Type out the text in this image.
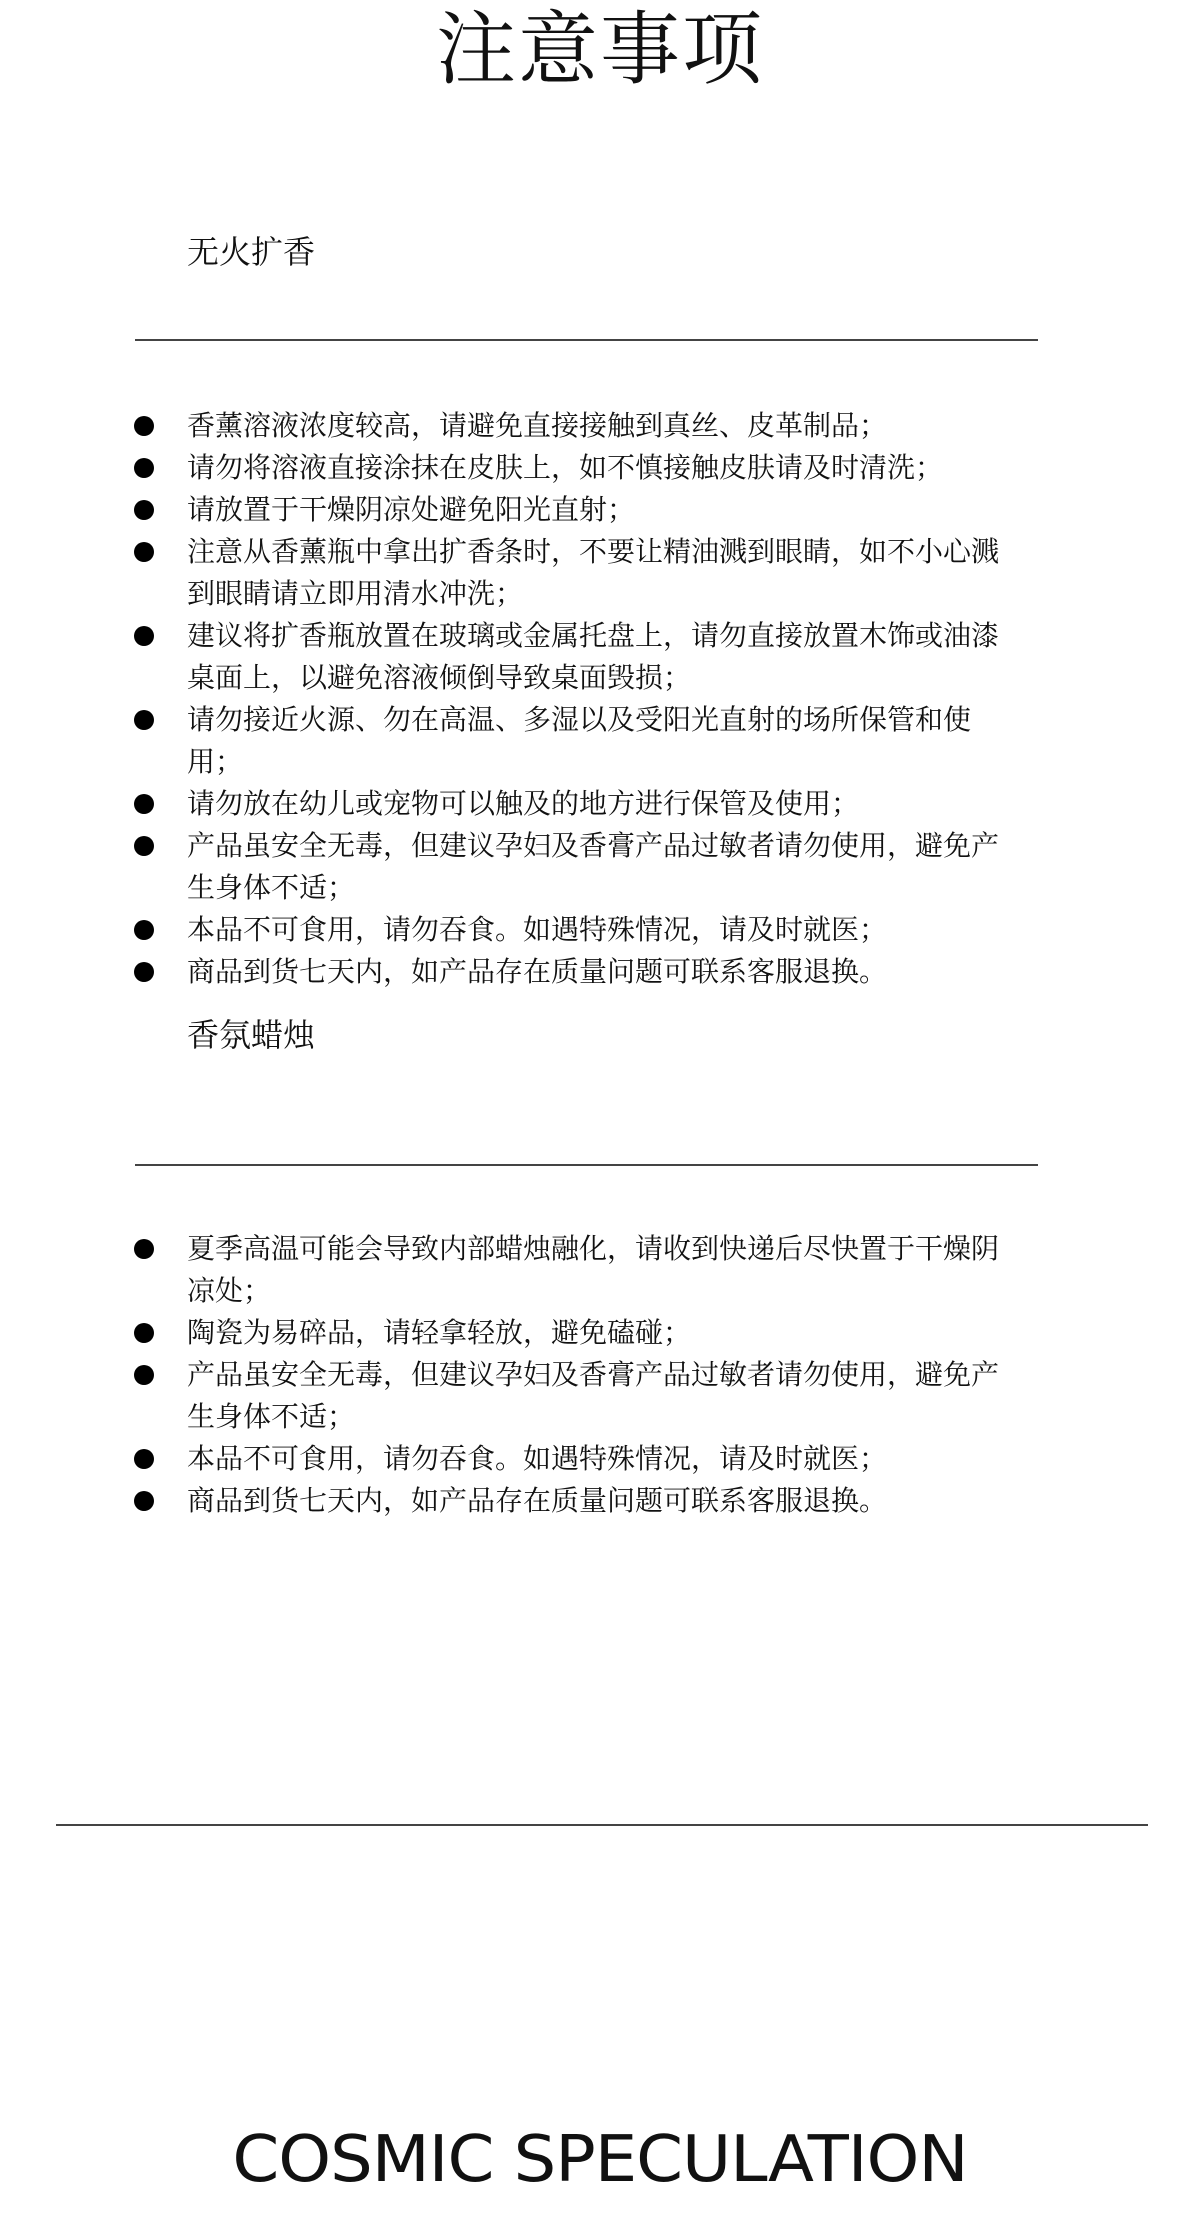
注意事项
无火扩香
香薰溶液浓度较高，请避免直接接触到真丝、皮革制品；
请勿将溶液直接涂抹在皮肤上，如不慎接触皮肤请及时清洗；
请放置于干燥阴凉处避免阳光直射；
注意从香薰瓶中拿出扩香条时，不要让精油溅到眼睛，如不小心溅到眼睛请立即用清水冲洗；
建议将扩香瓶放置在玻璃或金属托盘上，请勿直接放置木饰或油漆桌面上，以避免溶液倾倒导致桌面毁损；
请勿接近火源、勿在高温、多湿以及受阳光直射的场所保管和使用；
请勿放在幼儿或宠物可以触及的地方进行保管及使用；
产品虽安全无毒，但建议孕妇及香膏产品过敏者请勿使用，避免产生身体不适；
本品不可食用，请勿吞食。如遇特殊情况，请及时就医；
商品到货七天内，如产品存在质量问题可联系客服退换。
香氛蜡烛
夏季高温可能会导致内部蜡烛融化，请收到快递后尽快置于干燥阴凉处；
陶瓷为易碎品，请轻拿轻放，避免磕碰；
产品虽安全无毒，但建议孕妇及香膏产品过敏者请勿使用，避免产生身体不适；
本品不可食用，请勿吞食。如遇特殊情况，请及时就医；
商品到货七天内，如产品存在质量问题可联系客服退换。
COSMIC SPECULATION
